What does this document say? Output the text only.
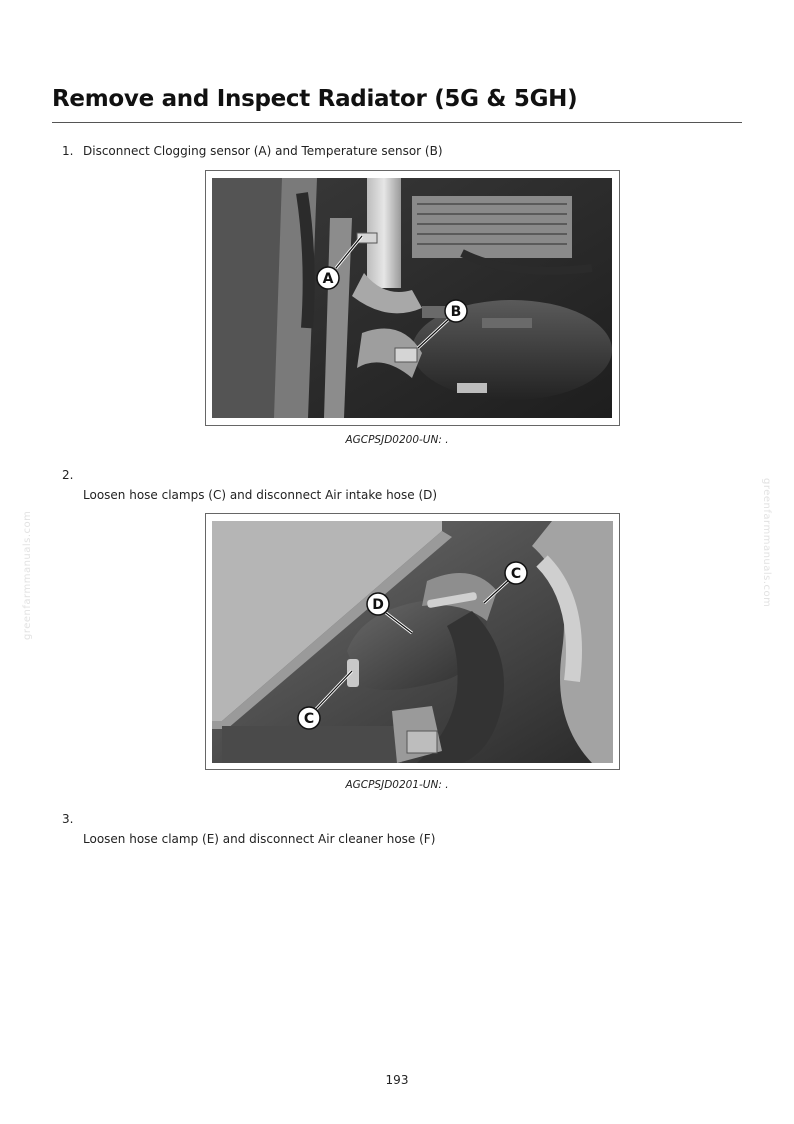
Remove and Inspect Radiator (5G & 5GH)
1. Disconnect Clogging sensor (A) and Temperature sensor (B)
A
B
AGCPSJD0200-UN: .
2.
Loosen hose clamps (C) and disconnect Air intake hose (D)
C
D
C
AGCPSJD0201-UN: .
3.
Loosen hose clamp (E) and disconnect Air cleaner hose (F)
greenfarmmanuals.com	greenfarmmanuals.com
193
